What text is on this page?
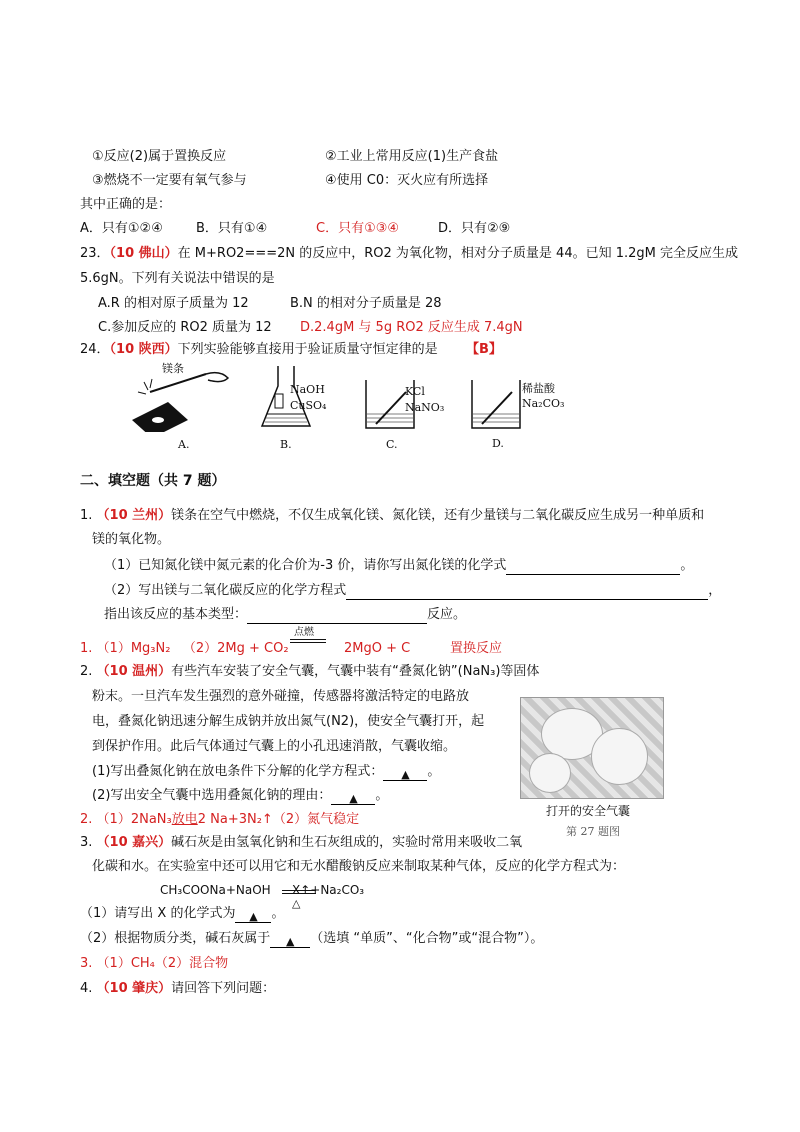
①反应(2)属于置换反应	②工业上常用反应(1)生产食盐
③燃烧不一定要有氧气参与	④使用 C0：灭火应有所选择
其中正确的是：
A．只有①②④	B．只有①④	C．只有①③④	D．只有②⑨
23．（10 佛山）在 M+RO2===2N 的反应中，RO2 为氧化物，相对分子质量是 44。已知 1.2gM 完全反应生成
5.6gN。下列有关说法中错误的是
A.R 的相对原子质量为 12	B.N 的相对分子质量是 28
C.参加反应的 RO2 质量为 12 D.2.4gM 与 5g RO2 反应生成 7.4gN
24．（10 陕西）下列实验能够直接用于验证质量守恒定律的是 【B】
镁条
A.
NaOH
CuSO₄
B.
KCl
NaNO₃
C.
稀盐酸
Na₂CO₃
D.
二、填空题（共 7 题）
1. （10 兰州）镁条在空气中燃烧，不仅生成氧化镁、氮化镁，还有少量镁与二氧化碳反应生成另一种单质和
镁的氧化物。
（1）已知氮化镁中氮元素的化合价为-3 价，请你写出氮化镁的化学式	。
（2）写出镁与二氧化碳反应的化学方程式	，
指出该反应的基本类型：	反应。
1. （1）Mg₃N₂ （2）2Mg + CO₂
点燃
2MgO + C	置换反应
2. （10 温州）有些汽车安装了安全气囊，气囊中装有“叠氮化钠”(NaN₃)等固体
粉末。一旦汽车发生强烈的意外碰撞，传感器将激活特定的电路放
电，叠氮化钠迅速分解生成钠并放出氮气(N2)，使安全气囊打开，起
到保护作用。此后气体通过气囊上的小孔迅速消散，气囊收缩。
(1)写出叠氮化钠在放电条件下分解的化学方程式： ▲ 。
(2)写出安全气囊中选用叠氮化钠的理由： ▲ 。
2. （1）2NaN₃放电2 Na+3N₂↑（2）氮气稳定
打开的安全气囊
第 27 题图
3. （10 嘉兴）碱石灰是由氢氧化钠和生石灰组成的，实验时常用来吸收二氧
化碳和水。在实验室中还可以用它和无水醋酸钠反应来制取某种气体，反应的化学方程式为：
CH₃COONa+NaOH X↑+Na₂CO₃
△
（1）请写出 X 的化学式为 ▲ 。
（2）根据物质分类，碱石灰属于 ▲ （选填 “单质”、“化合物”或“混合物”）。
3. （1）CH₄（2）混合物
4. （10 肇庆）请回答下列问题：
